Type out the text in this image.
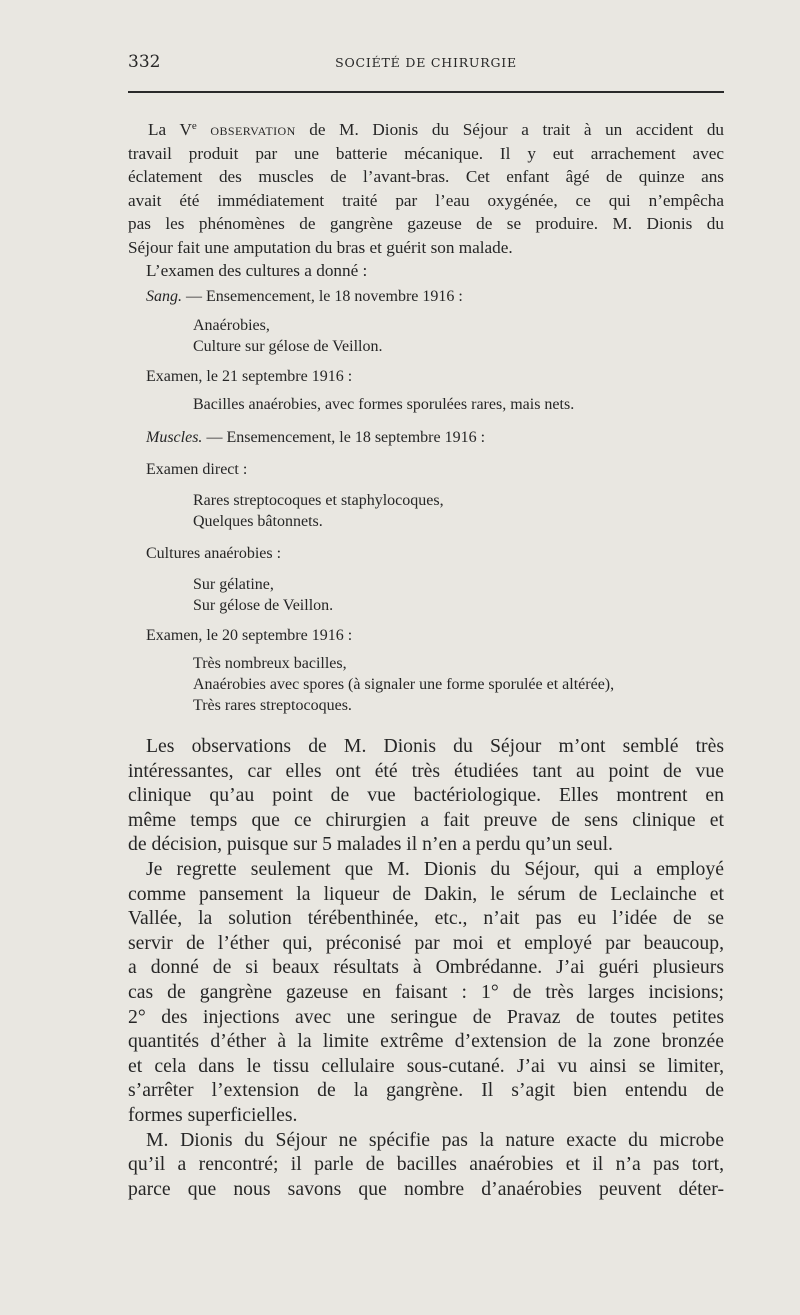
332	SOCIÉTÉ DE CHIRURGIE
La Ve observation de M. Dionis du Séjour a trait à un accident du
travail produit par une batterie mécanique. Il y eut arrachement avec
éclatement des muscles de l’avant-bras. Cet enfant âgé de quinze ans
avait été immédiatement traité par l’eau oxygénée, ce qui n’empêcha
pas les phénomènes de gangrène gazeuse de se produire. M. Dionis du
Séjour fait une amputation du bras et guérit son malade.
L’examen des cultures a donné :
Sang. — Ensemencement, le 18 novembre 1916 :
Anaérobies,
Culture sur gélose de Veillon.
Examen, le 21 septembre 1916 :
Bacilles anaérobies, avec formes sporulées rares, mais nets.
Muscles. — Ensemencement, le 18 septembre 1916 :
Examen direct :
Rares streptocoques et staphylocoques,
Quelques bâtonnets.
Cultures anaérobies :
Sur gélatine,
Sur gélose de Veillon.
Examen, le 20 septembre 1916 :
Très nombreux bacilles,
Anaérobies avec spores (à signaler une forme sporulée et altérée),
Très rares streptocoques.
Les observations de M. Dionis du Séjour m’ont semblé très
intéressantes, car elles ont été très étudiées tant au point de vue
clinique qu’au point de vue bactériologique. Elles montrent en
même temps que ce chirurgien a fait preuve de sens clinique et
de décision, puisque sur 5 malades il n’en a perdu qu’un seul.
Je regrette seulement que M. Dionis du Séjour, qui a employé
comme pansement la liqueur de Dakin, le sérum de Leclainche et
Vallée, la solution térébenthinée, etc., n’ait pas eu l’idée de se
servir de l’éther qui, préconisé par moi et employé par beaucoup,
a donné de si beaux résultats à Ombrédanne. J’ai guéri plusieurs
cas de gangrène gazeuse en faisant : 1° de très larges incisions;
2° des injections avec une seringue de Pravaz de toutes petites
quantités d’éther à la limite extrême d’extension de la zone bronzée
et cela dans le tissu cellulaire sous-cutané. J’ai vu ainsi se limiter,
s’arrêter l’extension de la gangrène. Il s’agit bien entendu de
formes superficielles.
M. Dionis du Séjour ne spécifie pas la nature exacte du microbe
qu’il a rencontré; il parle de bacilles anaérobies et il n’a pas tort,
parce que nous savons que nombre d’anaérobies peuvent déter-
